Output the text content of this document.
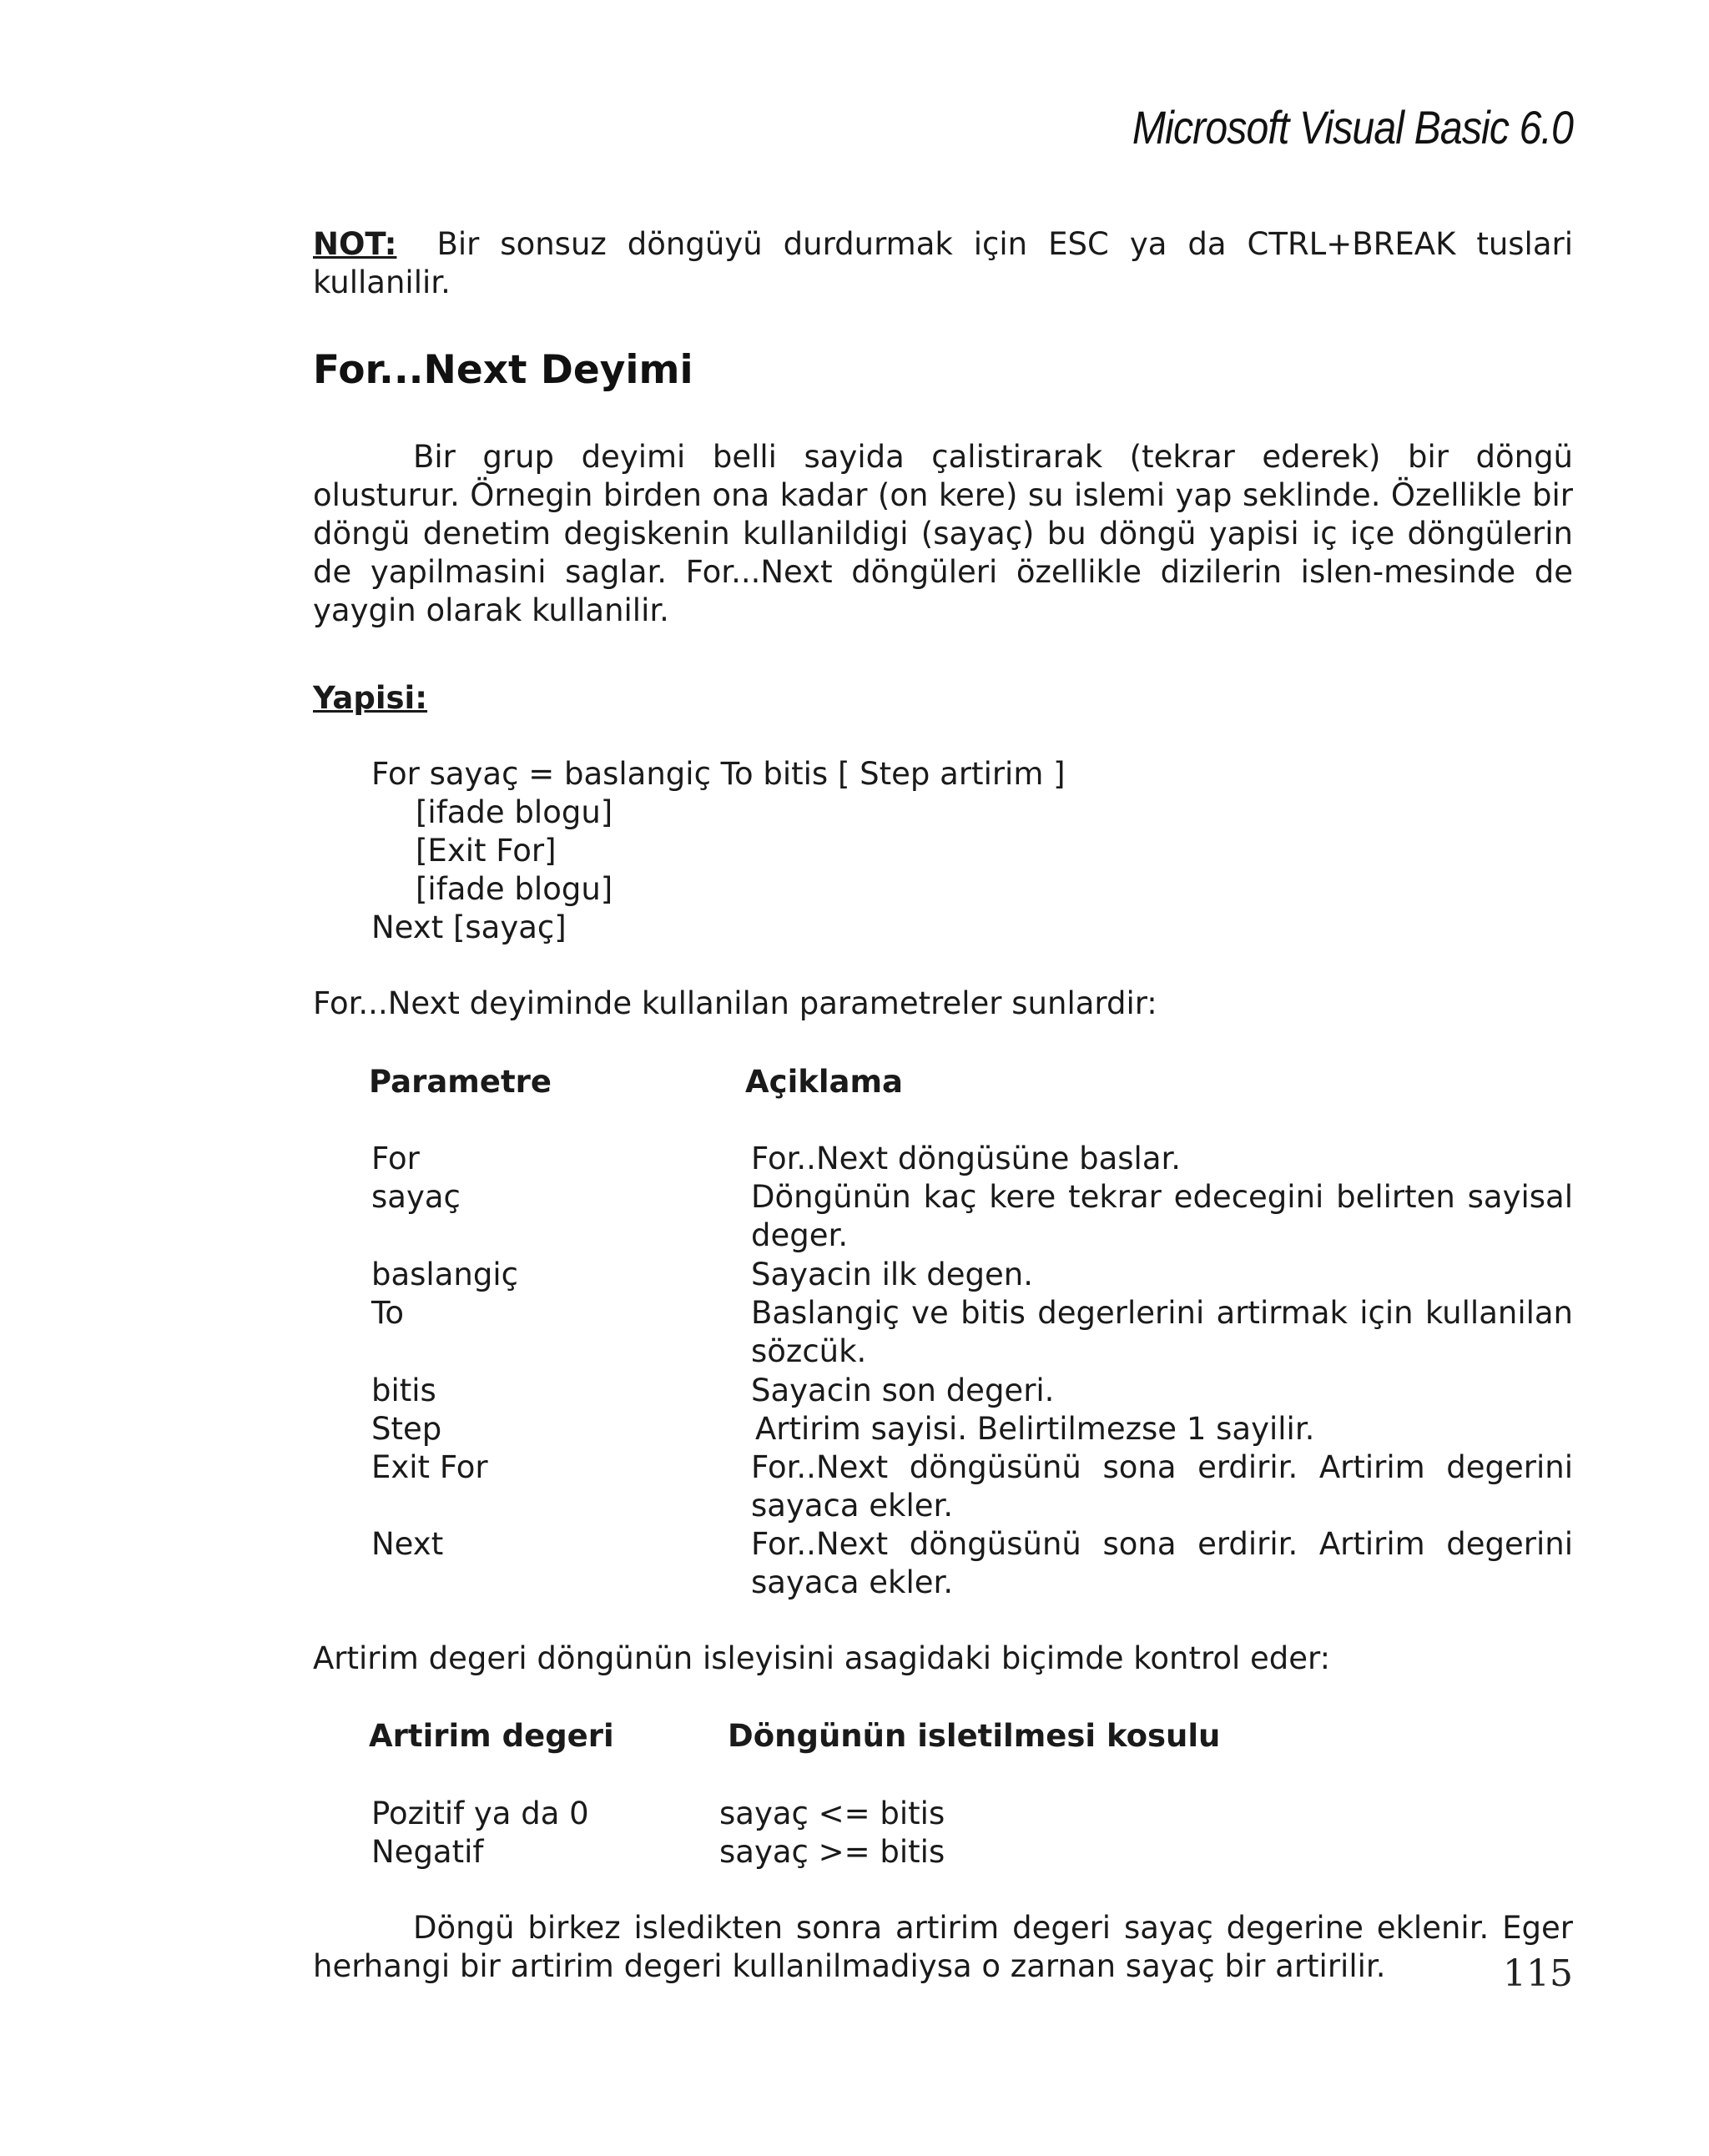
Microsoft Visual Basic 6.0
NOT: Bir sonsuz döngüyü durdurmak için ESC ya da CTRL+BREAK tuslari
kullanilir.
For...Next Deyimi
Bir grup deyimi belli sayida çalistirarak (tekrar ederek) bir döngü olusturur. Örnegin birden ona kadar (on kere) su islemi yap seklinde. Özellikle bir döngü denetim degiskenin kullanildigi (sayaç) bu döngü yapisi iç içe döngülerin de yapilmasini saglar. For...Next döngüleri özellikle dizilerin islen-mesinde de yaygin olarak kullanilir.
Yapisi:
For sayaç = baslangiç To bitis [ Step artirim ]
[ifade blogu]
[Exit For]
[ifade blogu]
Next [sayaç]
For...Next deyiminde kullanilan parametreler sunlardir:
Parametre	Açiklama
For	For..Next döngüsüne baslar.
sayaç	Döngünün kaç kere tekrar edecegini belirten sayisal deger.
baslangiç	Sayacin ilk degen.
To	Baslangiç ve bitis degerlerini artirmak için kullanilan sözcük.
bitis	Sayacin son degeri.
Step	Artirim sayisi. Belirtilmezse 1 sayilir.
Exit For	For..Next döngüsünü sona erdirir. Artirim degerini sayaca ekler.
Next	For..Next döngüsünü sona erdirir. Artirim degerini sayaca ekler.
Artirim degeri döngünün isleyisini asagidaki biçimde kontrol eder:
Artirim degeri	Döngünün isletilmesi kosulu
Pozitif ya da 0	sayaç <= bitis
Negatif	sayaç >= bitis
Döngü birkez isledikten sonra artirim degeri sayaç degerine eklenir. Eger herhangi bir artirim degeri kullanilmadiysa o zarnan sayaç bir artirilir.	115
